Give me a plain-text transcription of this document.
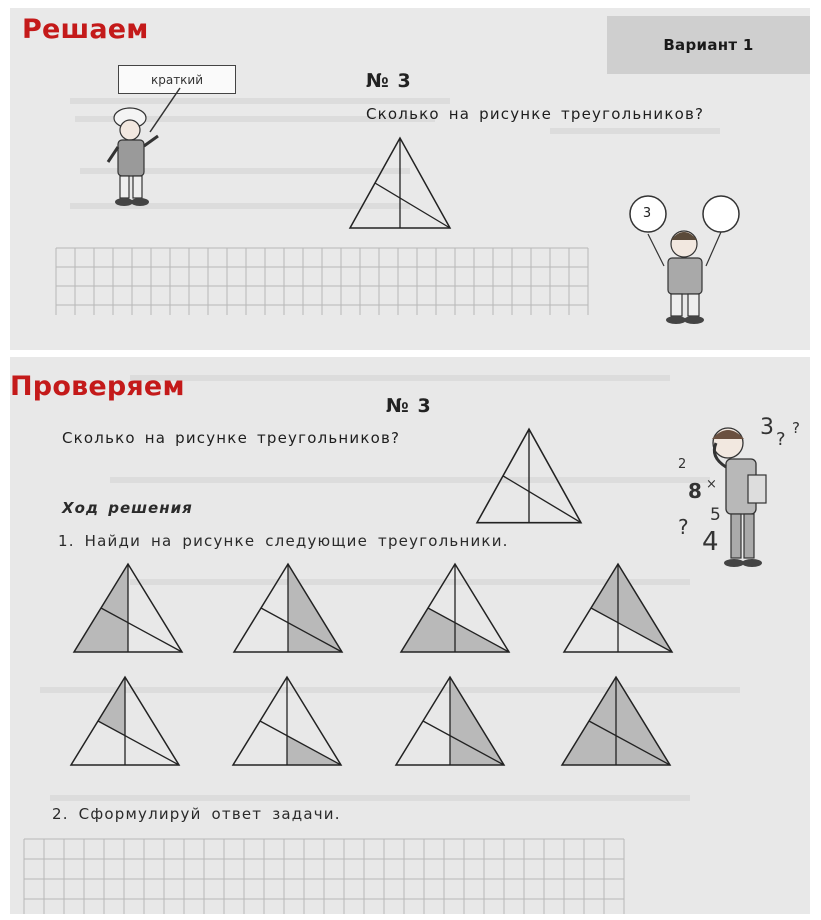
Решаем	Вариант 1
краткий	№ 3
Сколько на рисунке треугольников?
3
Проверяем
№ 3
Сколько на рисунке треугольников?	3 ?
?
2
8 ×
5
? 4
Ход решения
1. Найди на рисунке следующие треугольники.
2. Сформулируй ответ задачи.
